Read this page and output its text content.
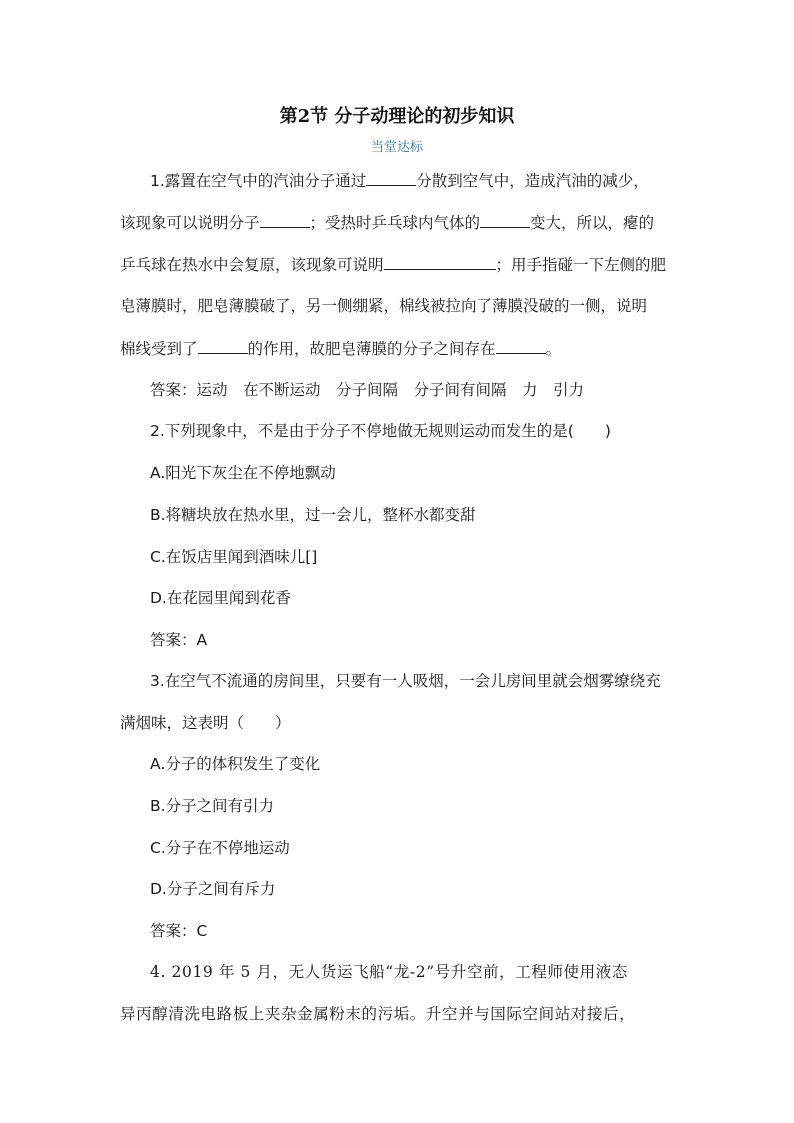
第2节 分子动理论的初步知识
当堂达标
1.露置在空气中的汽油分子通过	分散到空气中，造成汽油的减少，
该现象可以说明分子	；受热时乒乓球内气体的	变大，所以，瘪的
乒乓球在热水中会复原，该现象可说明	；用手指碰一下左侧的肥
皂薄膜时，肥皂薄膜破了，另一侧绷紧，棉线被拉向了薄膜没破的一侧，说明
棉线受到了	的作用，故肥皂薄膜的分子之间存在	。
答案：运动　在不断运动　分子间隔　分子间有间隔　力　引力
2.下列现象中，不是由于分子不停地做无规则运动而发生的是(　　)
A.阳光下灰尘在不停地飘动
B.将糖块放在热水里，过一会儿，整杯水都变甜
C.在饭店里闻到酒味儿[]
D.在花园里闻到花香
答案：A
3.在空气不流通的房间里，只要有一人吸烟，一会儿房间里就会烟雾缭绕充
满烟味，这表明（　　）
A.分子的体积发生了变化
B.分子之间有引力
C.分子在不停地运动
D.分子之间有斥力
答案：C
4. 2019 年 5 月，无人货运飞船“龙-2”号升空前，工程师使用液态
异丙醇清洗电路板上夹杂金属粉末的污垢。升空并与国际空间站对接后，
